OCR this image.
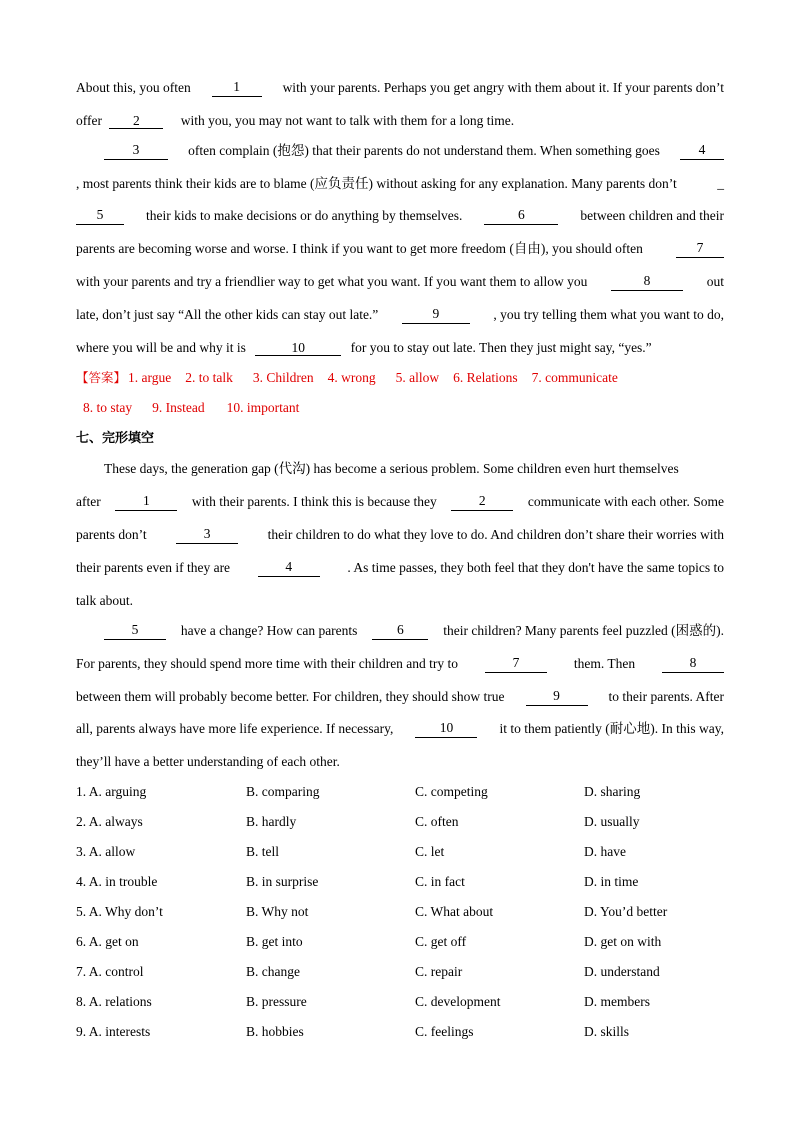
About this, you often	1	with your parents. Perhaps you get angry with them about it. If your parents don’t
offer 2	with you, you may not want to talk with them for a long time.
3	often complain (抱怨) that their parents do not understand them. When something goes	4
, most parents think their kids are to blame (应负责任) without asking for any explanation. Many parents don’t	_
5	their kids to make decisions or do anything by themselves.	6	between children and their
parents are becoming worse and worse. I think if you want to get more freedom (自由), you should often	7
with your parents and try a friendlier way to get what you want. If you want them to allow you	8	out
late, don’t just say “All the other kids can stay out late.”	9	, you try telling them what you want to do,
where you will be and why it is	10	for you to stay out late. Then they just might say, “yes.”
【答案】 1. argue 2. to talk 3. Children 4. wrong 5. allow 6. Relations 7. communicate
8. to stay 9. Instead 10. important
七、完形填空
These days, the generation gap (代沟) has become a serious problem. Some children even hurt themselves
after	1	with their parents. I think this is because they	2	communicate with each other. Some
parents don’t	3	their children to do what they love to do. And children don’t share their worries with
their parents even if they are	4	. As time passes, they both feel that they don't have the same topics to
talk about.
5	have a change? How can parents	6	their children? Many parents feel puzzled (困惑的).
For parents, they should spend more time with their children and try to	7	them. Then	8
between them will probably become better. For children, they should show true	9	to their parents. After
all, parents always have more life experience. If necessary,	10	it to them patiently (耐心地). In this way,
they’ll have a better understanding of each other.
1. A. arguing	B. comparing	C. competing	D. sharing
2. A. always	B. hardly	C. often	D. usually
3. A. allow	B. tell	C. let	D. have
4. A. in trouble	B. in surprise	C. in fact	D. in time
5. A. Why don’t	B. Why not	C. What about	D. You’d better
6. A. get on	B. get into	C. get off	D. get on with
7. A. control	B. change	C. repair	D. understand
8. A. relations	B. pressure	C. development	D. members
9. A. interests	B. hobbies	C. feelings	D. skills
